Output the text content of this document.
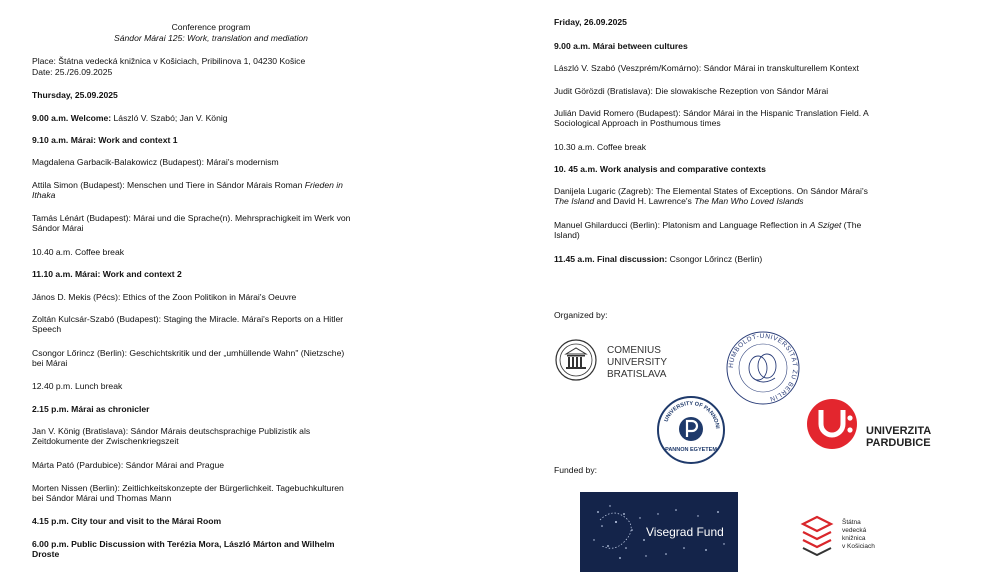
Conference program

Sándor Márai 125: Work, translation and mediation

Place: Štátna vedecká knižnica v Košiciach, Pribilinova 1, 04230 Košice

Date: 25./26.09.2025

Thursday, 25.09.2025

9.00 a.m. Welcome: László V. Szabó; Jan V. König

9.10 a.m. Márai: Work and context 1

Magdalena Garbacik-Balakowicz (Budapest): Márai's modernism

Attila Simon (Budapest): Menschen und Tiere in Sándor Márais Roman Frieden in
Ithaka

Tamás Lénárt (Budapest): Márai und die Sprache(n). Mehrsprachigkeit im Werk von
Sándor Márai

10.40 a.m. Coffee break

11.10 a.m. Márai: Work and context 2

János D. Mekis (Pécs): Ethics of the Zoon Politikon in Márai's Oeuvre

Zoltán Kulcsár-Szabó (Budapest): Staging the Miracle. Márai's Reports on a Hitler
Speech

Csongor Lőrincz (Berlin): Geschichtskritik und der „umhüllende Wahn" (Nietzsche)
bei Márai

12.40 p.m. Lunch break

2.15 p.m. Márai as chronicler

Jan V. König (Bratislava): Sándor Márais deutschsprachige Publizistik als
Zeitdokumente der Zwischenkriegszeit

Márta Pató (Pardubice): Sándor Márai and Prague

Morten Nissen (Berlin): Zeitlichkeitskonzepte der Bürgerlichkeit. Tagebuchkulturen
bei Sándor Márai und Thomas Mann

4.15 p.m. City tour and visit to the Márai Room

6.00 p.m. Public Discussion with Terézia Mora, László Márton and Wilhelm
Droste

Friday, 26.09.2025

9.00 a.m. Márai between cultures

László V. Szabó (Veszprém/Komárno): Sándor Márai in transkulturellem Kontext

Judit Görözdi (Bratislava): Die slowakische Rezeption von Sándor Márai

Julián David Romero (Budapest): Sándor Márai in the Hispanic Translation Field. A
Sociological Approach in Posthumous times

10.30 a.m. Coffee break

10. 45 a.m. Work analysis and comparative contexts

Danijela Lugaric (Zagreb): The Elemental States of Exceptions. On Sándor Márai's
The Island and David H. Lawrence's The Man Who Loved Islands

Manuel Ghilarducci (Berlin): Platonism and Language Reflection in A Sziget (The
Island)

11.45 a.m. Final discussion: Csongor Lőrincz (Berlin)

Organized by:

Funded by:

COMENIUS
UNIVERSITY
BRATISLAVA
HUMBOLDT-UNIVERSITÄT ZU BERLIN
UNIVERSITY OF PANNONI
PANNON EGYETEM
UNIVERZITA
PARDUBICE
Visegrad Fund
Štátna
vedecká
knižnica
v Košiciach
